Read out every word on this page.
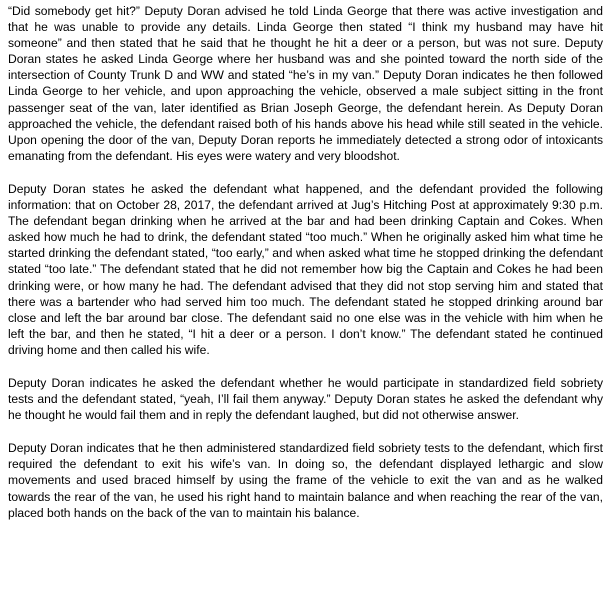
“Did somebody get hit?” Deputy Doran advised he told Linda George that there was active investigation and that he was unable to provide any details. Linda George then stated “I think my husband may have hit someone” and then stated that he said that he thought he hit a deer or a person, but was not sure. Deputy Doran states he asked Linda George where her husband was and she pointed toward the north side of the intersection of County Trunk D and WW and stated “he’s in my van.” Deputy Doran indicates he then followed Linda George to her vehicle, and upon approaching the vehicle, observed a male subject sitting in the front passenger seat of the van, later identified as Brian Joseph George, the defendant herein. As Deputy Doran approached the vehicle, the defendant raised both of his hands above his head while still seated in the vehicle. Upon opening the door of the van, Deputy Doran reports he immediately detected a strong odor of intoxicants emanating from the defendant. His eyes were watery and very bloodshot.

Deputy Doran states he asked the defendant what happened, and the defendant provided the following information: that on October 28, 2017, the defendant arrived at Jug’s Hitching Post at approximately 9:30 p.m. The defendant began drinking when he arrived at the bar and had been drinking Captain and Cokes. When asked how much he had to drink, the defendant stated “too much.” When he originally asked him what time he started drinking the defendant stated, “too early,” and when asked what time he stopped drinking the defendant stated “too late.” The defendant stated that he did not remember how big the Captain and Cokes he had been drinking were, or how many he had. The defendant advised that they did not stop serving him and stated that there was a bartender who had served him too much. The defendant stated he stopped drinking around bar close and left the bar around bar close. The defendant said no one else was in the vehicle with him when he left the bar, and then he stated, “I hit a deer or a person. I don’t know.” The defendant stated he continued driving home and then called his wife.

Deputy Doran indicates he asked the defendant whether he would participate in standardized field sobriety tests and the defendant stated, “yeah, I’ll fail them anyway.” Deputy Doran states he asked the defendant why he thought he would fail them and in reply the defendant laughed, but did not otherwise answer.

Deputy Doran indicates that he then administered standardized field sobriety tests to the defendant, which first required the defendant to exit his wife’s van. In doing so, the defendant displayed lethargic and slow movements and used braced himself by using the frame of the vehicle to exit the van and as he walked towards the rear of the van, he used his right hand to maintain balance and when reaching the rear of the van, placed both hands on the back of the van to maintain his balance.
